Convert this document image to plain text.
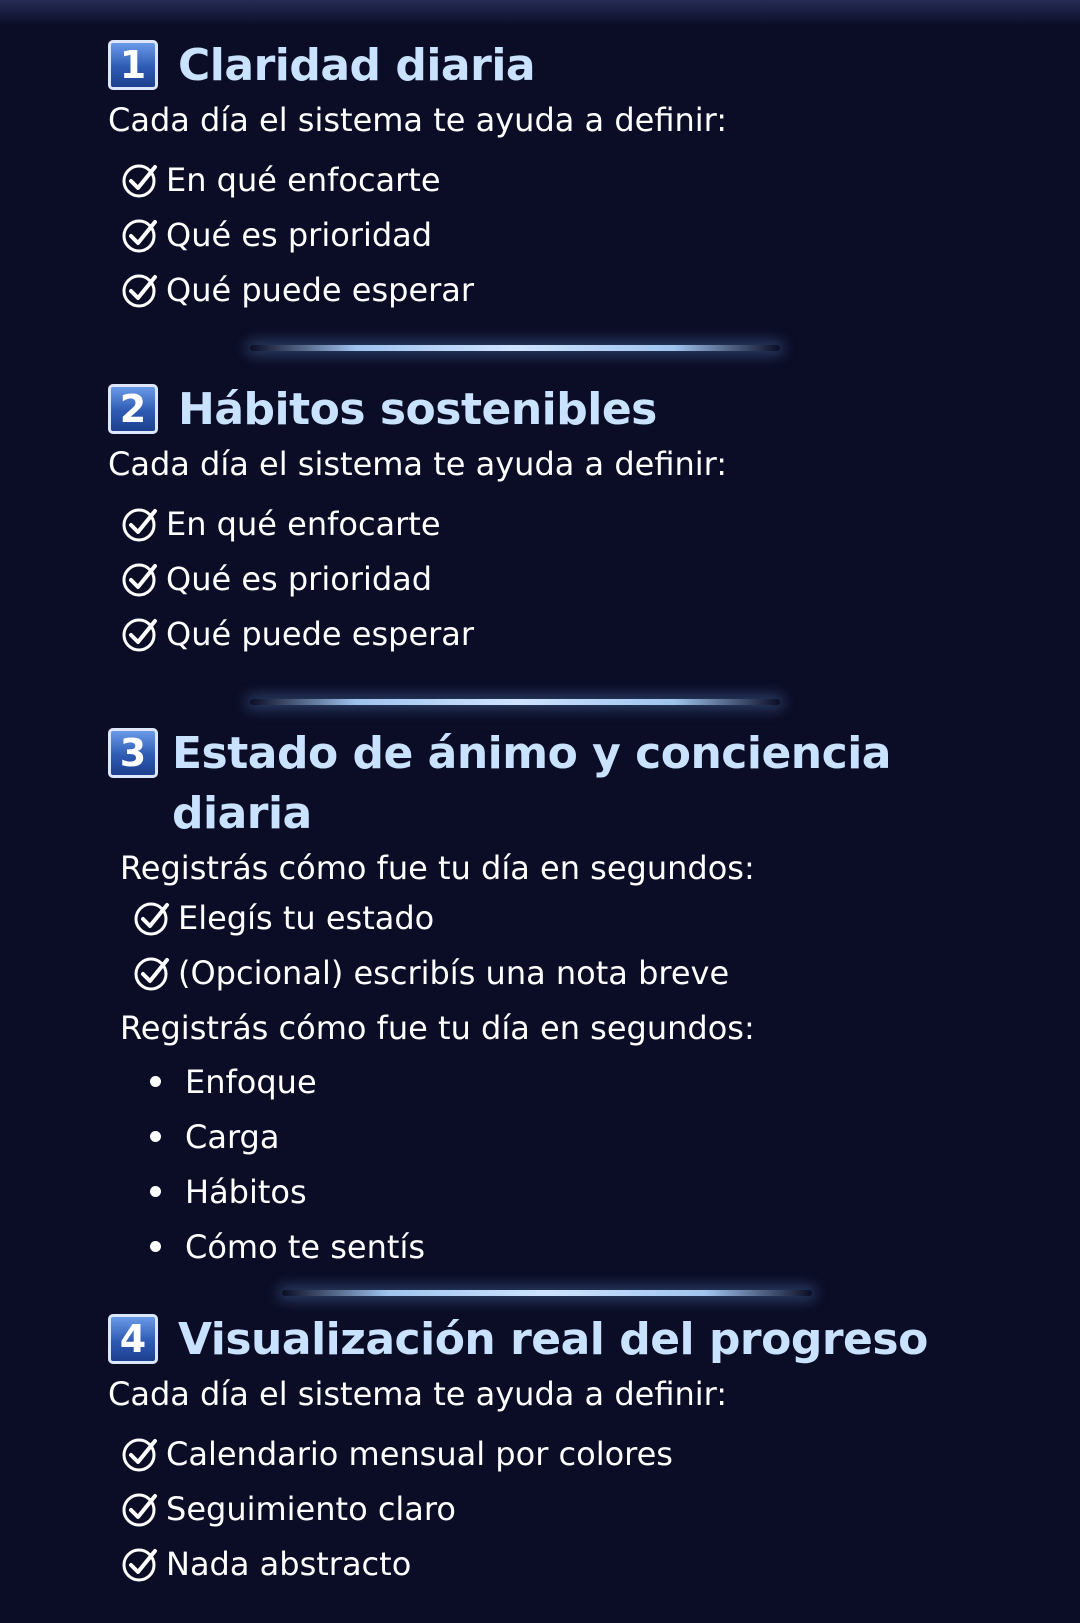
1 Claridad diaria
Cada día el sistema te ayuda a definir:
En qué enfocarte
Qué es prioridad
Qué puede esperar
2 Hábitos sostenibles
Cada día el sistema te ayuda a definir:
En qué enfocarte
Qué es prioridad
Qué puede esperar
3 Estado de ánimo y conciencia
diaria
Registrás cómo fue tu día en segundos:
Elegís tu estado
(Opcional) escribís una nota breve
Registrás cómo fue tu día en segundos:
Enfoque
Carga
Hábitos
Cómo te sentís
4 Visualización real del progreso
Cada día el sistema te ayuda a definir:
Calendario mensual por colores
Seguimiento claro
Nada abstracto
